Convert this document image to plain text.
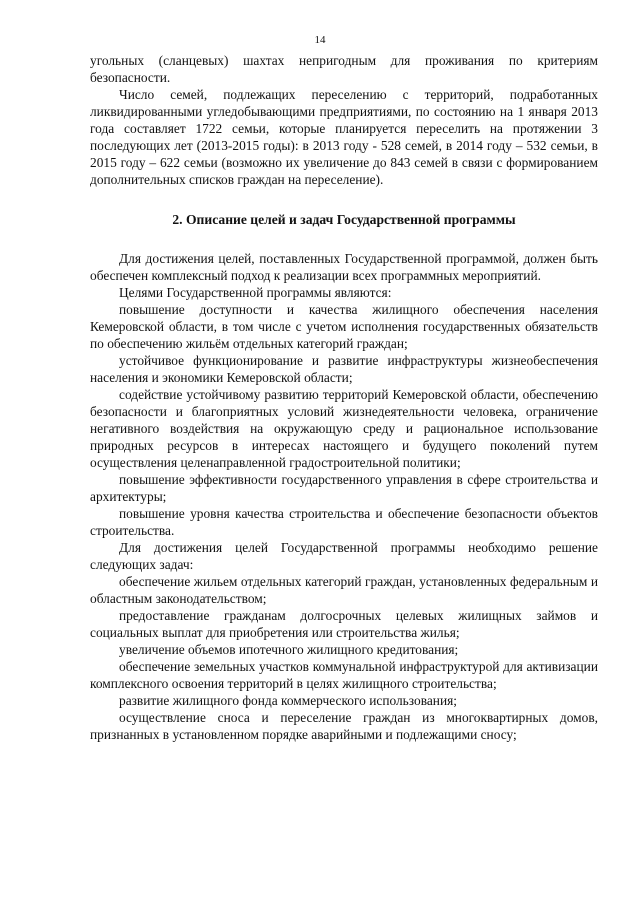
14

угольных (сланцевых) шахтах непригодным для проживания по критериям безопасности.

Число семей, подлежащих переселению с территорий, подработанных ликвидированными угледобывающими предприятиями, по состоянию на 1 января 2013 года составляет 1722 семьи, которые планируется переселить на протяжении 3 последующих лет (2013-2015 годы): в 2013 году - 528 семей, в 2014 году – 532 семьи, в 2015 году – 622 семьи (возможно их увеличение до 843 семей в связи с формированием дополнительных списков граждан на переселение).

2. Описание целей и задач Государственной программы

Для достижения целей, поставленных Государственной программой, должен быть обеспечен комплексный подход к реализации всех программных мероприятий.

Целями Государственной программы являются:

повышение доступности и качества жилищного обеспечения населения Кемеровской области, в том числе с учетом исполнения государственных обязательств по обеспечению жильём отдельных категорий граждан;

устойчивое функционирование и развитие инфраструктуры жизнеобеспечения населения и экономики Кемеровской области;

содействие устойчивому развитию территорий Кемеровской области, обеспечению безопасности и благоприятных условий жизнедеятельности человека, ограничение негативного воздействия на окружающую среду и рациональное использование природных ресурсов в интересах настоящего и будущего поколений путем осуществления целенаправленной градостроительной политики;

повышение эффективности государственного управления в сфере строительства и архитектуры;

повышение уровня качества строительства и обеспечение безопасности объектов строительства.

Для достижения целей Государственной программы необходимо решение следующих задач:

обеспечение жильем отдельных категорий граждан, установленных федеральным и областным законодательством;

предоставление гражданам долгосрочных целевых жилищных займов и социальных выплат для приобретения или строительства жилья;

увеличение объемов ипотечного жилищного кредитования;

обеспечение земельных участков коммунальной инфраструктурой для активизации комплексного освоения территорий в целях жилищного строительства;

развитие жилищного фонда коммерческого использования;

осуществление сноса и переселение граждан из многоквартирных домов, признанных в установленном порядке аварийными и подлежащими сносу;
